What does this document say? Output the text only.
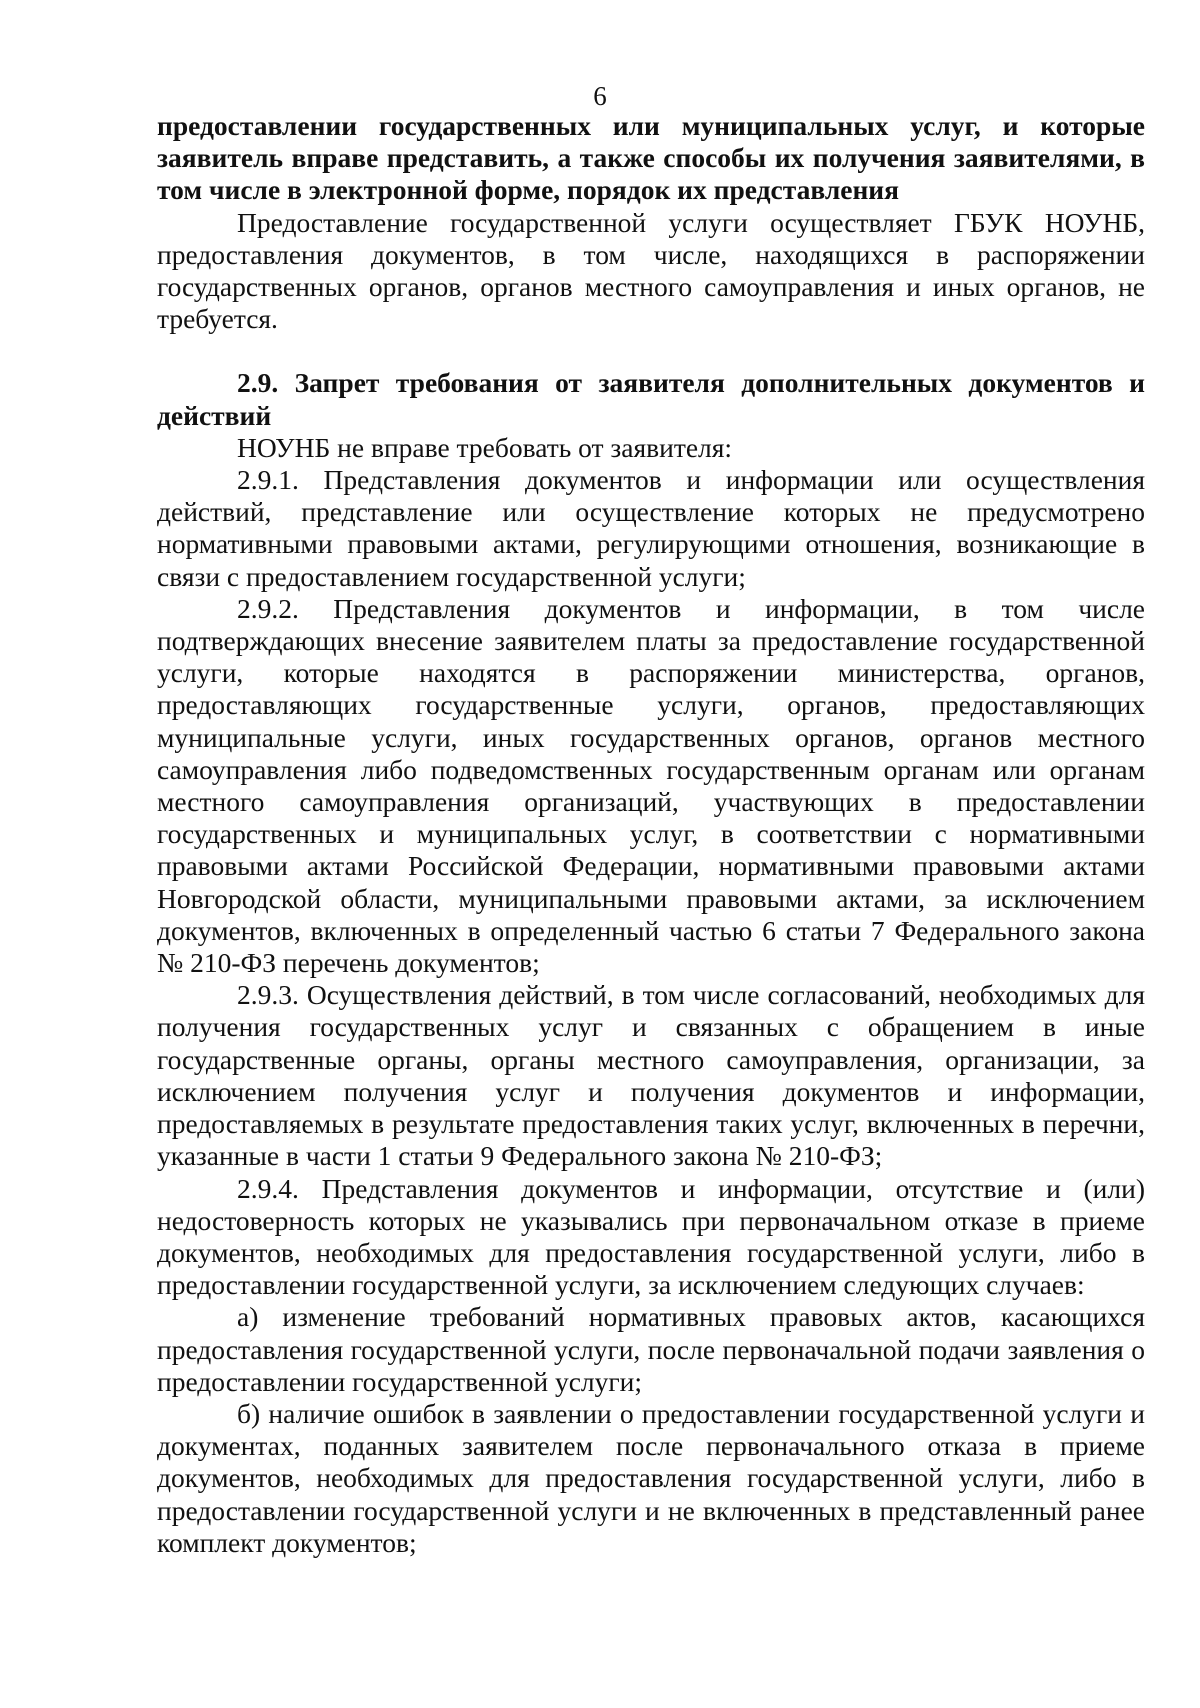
6

предоставлении государственных или муниципальных услуг, и которые заявитель вправе представить, а также способы их получения заявителями, в том числе в электронной форме, порядок их представления

Предоставление государственной услуги осуществляет ГБУК НОУНБ, предоставления документов, в том числе, находящихся в распоряжении государственных органов, органов местного самоуправления и иных органов, не требуется.

2.9. Запрет требования от заявителя дополнительных документов и действий

НОУНБ не вправе требовать от заявителя:

2.9.1. Представления документов и информации или осуществления действий, представление или осуществление которых не предусмотрено нормативными правовыми актами, регулирующими отношения, возникающие в связи с предоставлением государственной услуги;

2.9.2. Представления документов и информации, в том числе подтверждающих внесение заявителем платы за предоставление государственной услуги, которые находятся в распоряжении министерства, органов, предоставляющих государственные услуги, органов, предоставляющих муниципальные услуги, иных государственных органов, органов местного самоуправления либо подведомственных государственным органам или органам местного самоуправления организаций, участвующих в предоставлении государственных и муниципальных услуг, в соответствии с нормативными правовыми актами Российской Федерации, нормативными правовыми актами Новгородской области, муниципальными правовыми актами, за исключением документов, включенных в определенный частью 6 статьи 7 Федерального закона № 210-ФЗ перечень документов;

2.9.3. Осуществления действий, в том числе согласований, необходимых для получения государственных услуг и связанных с обращением в иные государственные органы, органы местного самоуправления, организации, за исключением получения услуг и получения документов и информации, предоставляемых в результате предоставления таких услуг, включенных в перечни, указанные в части 1 статьи 9 Федерального закона № 210-ФЗ;

2.9.4. Представления документов и информации, отсутствие и (или) недостоверность которых не указывались при первоначальном отказе в приеме документов, необходимых для предоставления государственной услуги, либо в предоставлении государственной услуги, за исключением следующих случаев:

а) изменение требований нормативных правовых актов, касающихся предоставления государственной услуги, после первоначальной подачи заявления о предоставлении государственной услуги;

б) наличие ошибок в заявлении о предоставлении государственной услуги и документах, поданных заявителем после первоначального отказа в приеме документов, необходимых для предоставления государственной услуги, либо в предоставлении государственной услуги и не включенных в представленный ранее комплект документов;
